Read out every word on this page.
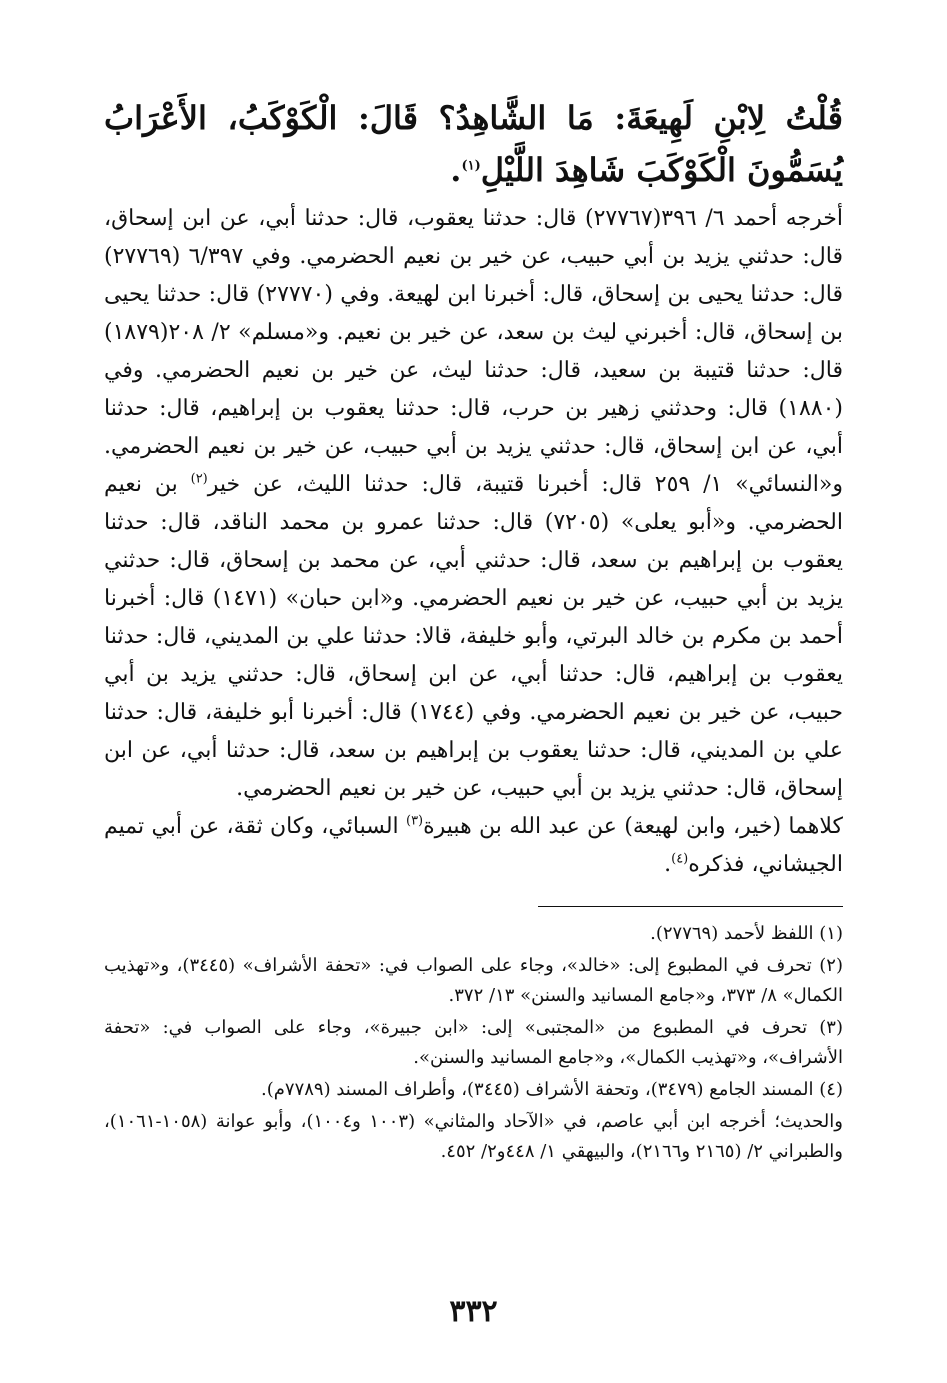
قُلْتُ لِابْنِ لَهِيعَةَ: مَا الشَّاهِدُ؟ قَالَ: الْكَوْكَبُ، الأَعْرَابُ يُسَمُّونَ الْكَوْكَبَ شَاهِدَ اللَّيْلِ$^{(١)}$.

أخرجه أحمد ٦/ ٣٩٦(٢٧٧٦٧) قال: حدثنا يعقوب، قال: حدثنا أبي، عن ابن إسحاق، قال: حدثني يزيد بن أبي حبيب، عن خير بن نعيم الحضرمي. وفي ٦/٣٩٧ (٢٧٧٦٩) قال: حدثنا يحيى بن إسحاق، قال: أخبرنا ابن لهيعة. وفي (٢٧٧٧٠) قال: حدثنا يحيى بن إسحاق، قال: أخبرني ليث بن سعد، عن خير بن نعيم. و«مسلم» ٢/ ٢٠٨(١٨٧٩) قال: حدثنا قتيبة بن سعيد، قال: حدثنا ليث، عن خير بن نعيم الحضرمي. وفي (١٨٨٠) قال: وحدثني زهير بن حرب، قال: حدثنا يعقوب بن إبراهيم، قال: حدثنا أبي، عن ابن إسحاق، قال: حدثني يزيد بن أبي حبيب، عن خير بن نعيم الحضرمي. و«النسائي» ١/ ٢٥٩ قال: أخبرنا قتيبة، قال: حدثنا الليث، عن خير$^{(٢)}$ بن نعيم الحضرمي. و«أبو يعلى» (٧٢٠٥) قال: حدثنا عمرو بن محمد الناقد، قال: حدثنا يعقوب بن إبراهيم بن سعد، قال: حدثني أبي، عن محمد بن إسحاق، قال: حدثني يزيد بن أبي حبيب، عن خير بن نعيم الحضرمي. و«ابن حبان» (١٤٧١) قال: أخبرنا أحمد بن مكرم بن خالد البرتي، وأبو خليفة، قالا: حدثنا علي بن المديني، قال: حدثنا يعقوب بن إبراهيم، قال: حدثنا أبي، عن ابن إسحاق، قال: حدثني يزيد بن أبي حبيب، عن خير بن نعيم الحضرمي. وفي (١٧٤٤) قال: أخبرنا أبو خليفة، قال: حدثنا علي بن المديني، قال: حدثنا يعقوب بن إبراهيم بن سعد، قال: حدثنا أبي، عن ابن إسحاق، قال: حدثني يزيد بن أبي حبيب، عن خير بن نعيم الحضرمي.

كلاهما (خير، وابن لهيعة) عن عبد الله بن هبيرة$^{(٣)}$ السبائي، وكان ثقة، عن أبي تميم الجيشاني، فذكره$^{(٤)}$.

(١) اللفظ لأحمد (٢٧٧٦٩).

(٢) تحرف في المطبوع إلى: «خالد»، وجاء على الصواب في: «تحفة الأشراف» (٣٤٤٥)، و«تهذيب الكمال» ٨/ ٣٧٣، و«جامع المسانيد والسنن» ١٣/ ٣٧٢.

(٣) تحرف في المطبوع من «المجتبى» إلى: «ابن جبيرة»، وجاء على الصواب في: «تحفة الأشراف»، و«تهذيب الكمال»، و«جامع المسانيد والسنن».

(٤) المسند الجامع (٣٤٧٩)، وتحفة الأشراف (٣٤٤٥)، وأطراف المسند (٧٧٨٩م).

والحديث؛ أخرجه ابن أبي عاصم، في «الآحاد والمثاني» (١٠٠٣ و١٠٠٤)، وأبو عوانة (١٠٥٨-١٠٦١)، والطبراني ٢/ (٢١٦٥ و٢١٦٦)، والبيهقي ١/ ٤٤٨و٢/ ٤٥٢.

٣٣٢
